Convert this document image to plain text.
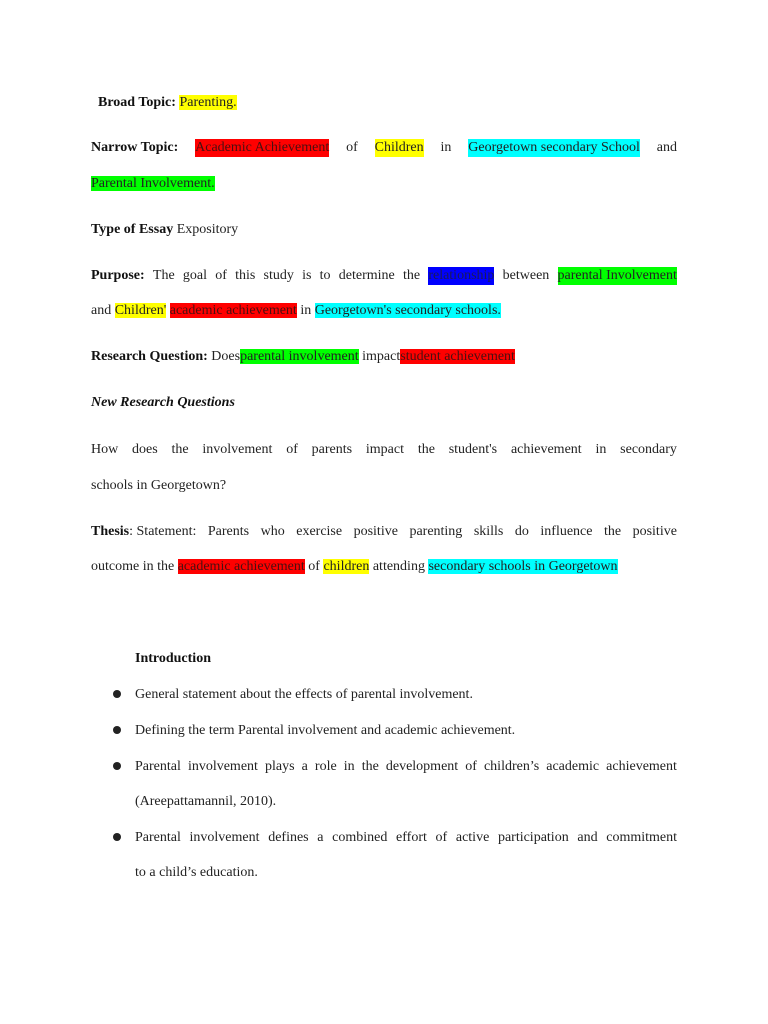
Broad Topic: Parenting.
Narrow Topic: Academic Achievement of Children in Georgetown secondary School and
Parental Involvement.
Type of Essay Expository
Purpose: The goal of this study is to determine the relationship between parental Involvement
and Children' academic achievement in Georgetown's secondary schools.
Research Question: Doesparental involvement impactstudent achievement
New Research Questions
How does the involvement of parents impact the student's achievement in secondary
schools in Georgetown?
Thesis: Statement: Parents who exercise positive parenting skills do influence the positive
outcome in the academic achievement of children attending secondary schools in Georgetown
Introduction
General statement about the effects of parental involvement.
Defining the term Parental involvement and academic achievement.
Parental involvement plays a role in the development of children’s academic achievement
(Areepattamannil, 2010).
Parental involvement defines a combined effort of active participation and commitment
to a child’s education.
